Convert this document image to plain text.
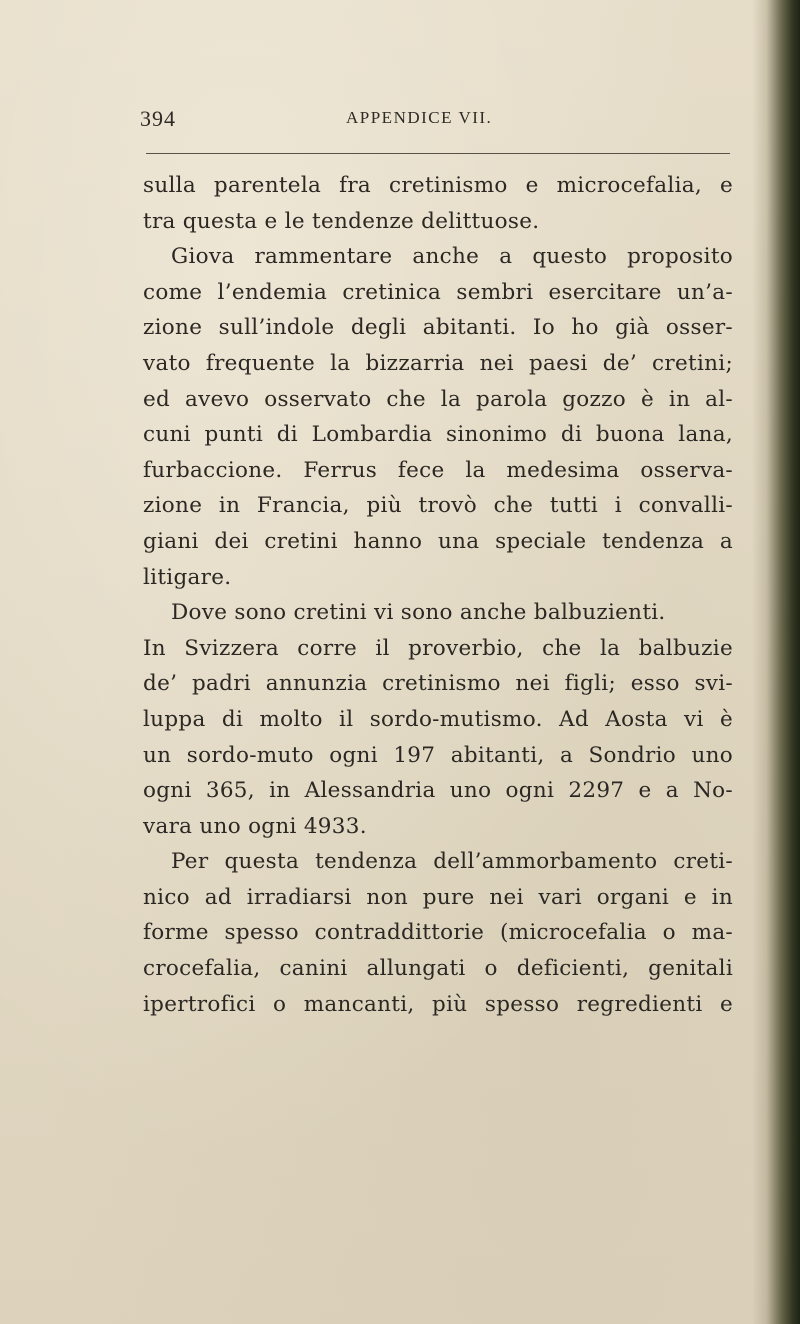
394	APPENDICE VII.
sulla parentela fra cretinismo e microcefalia, e
tra questa e le tendenze delittuose.
Giova rammentare anche a questo proposito
come l’endemia cretinica sembri esercitare un’a-
zione sull’indole degli abitanti. Io ho già osser-
vato frequente la bizzarria nei paesi de’ cretini;
ed avevo osservato che la parola gozzo è in al-
cuni punti di Lombardia sinonimo di buona lana,
furbaccione. Ferrus fece la medesima osserva-
zione in Francia, più trovò che tutti i convalli-
giani dei cretini hanno una speciale tendenza a
litigare.
Dove sono cretini vi sono anche balbuzienti.
In Svizzera corre il proverbio, che la balbuzie
de’ padri annunzia cretinismo nei figli; esso svi-
luppa di molto il sordo-mutismo. Ad Aosta vi è
un sordo-muto ogni 197 abitanti, a Sondrio uno
ogni 365, in Alessandria uno ogni 2297 e a No-
vara uno ogni 4933.
Per questa tendenza dell’ammorbamento creti-
nico ad irradiarsi non pure nei vari organi e in
forme spesso contraddittorie (microcefalia o ma-
crocefalia, canini allungati o deficienti, genitali
ipertrofici o mancanti, più spesso regredienti e
